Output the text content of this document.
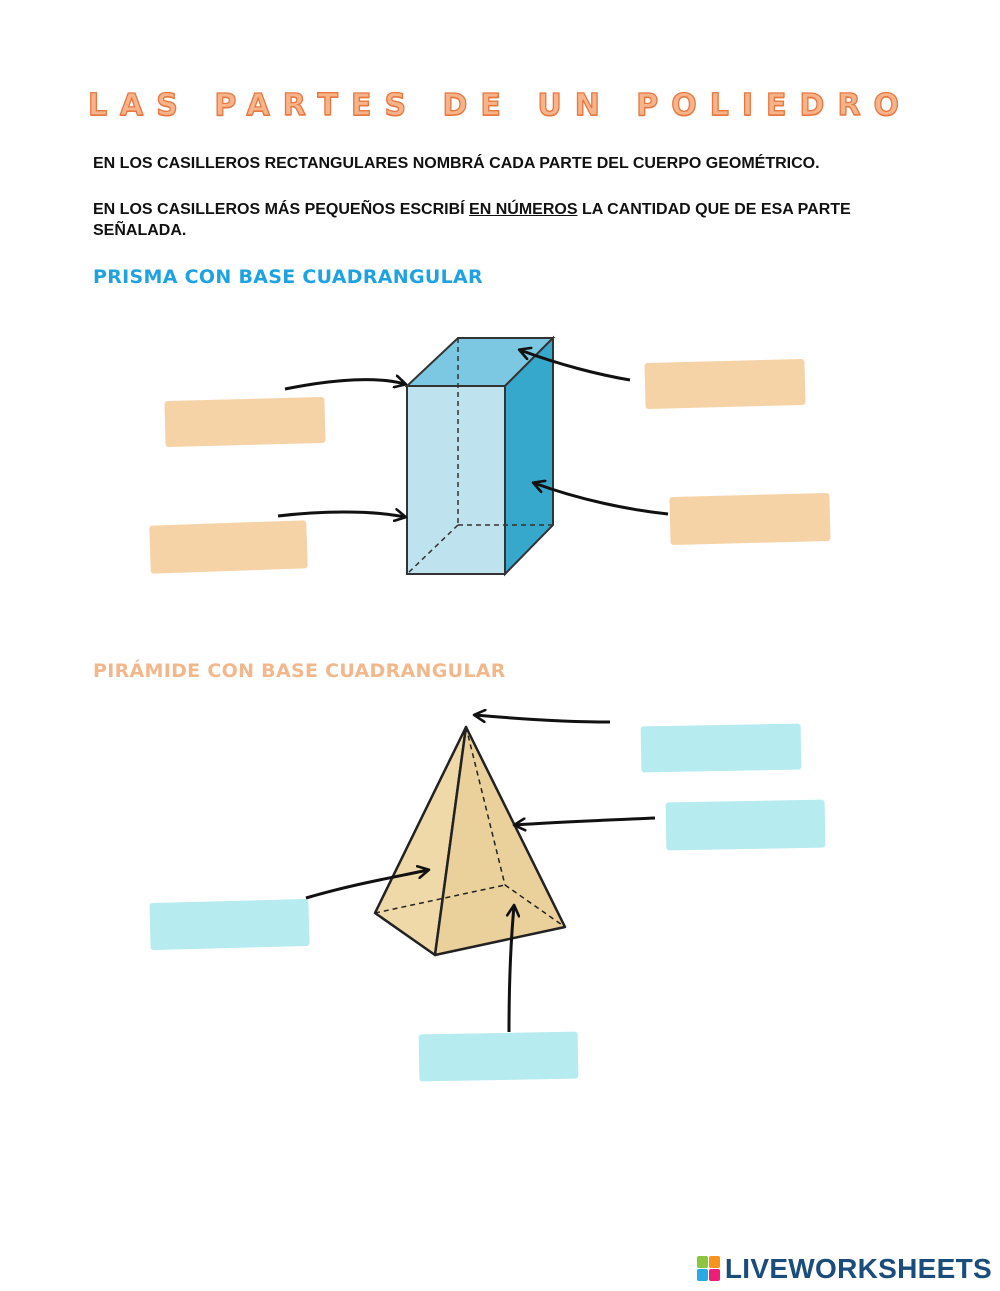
LAS PARTES DE UN POLIEDRO
EN LOS CASILLEROS RECTANGULARES NOMBRÁ CADA PARTE DEL CUERPO GEOMÉTRICO.
EN LOS CASILLEROS MÁS PEQUEÑOS ESCRIBÍ EN NÚMEROS LA CANTIDAD QUE DE ESA PARTE SEÑALADA.
PRISMA CON BASE CUADRANGULAR
PIRÁMIDE CON BASE CUADRANGULAR
LIVEWORKSHEETS
